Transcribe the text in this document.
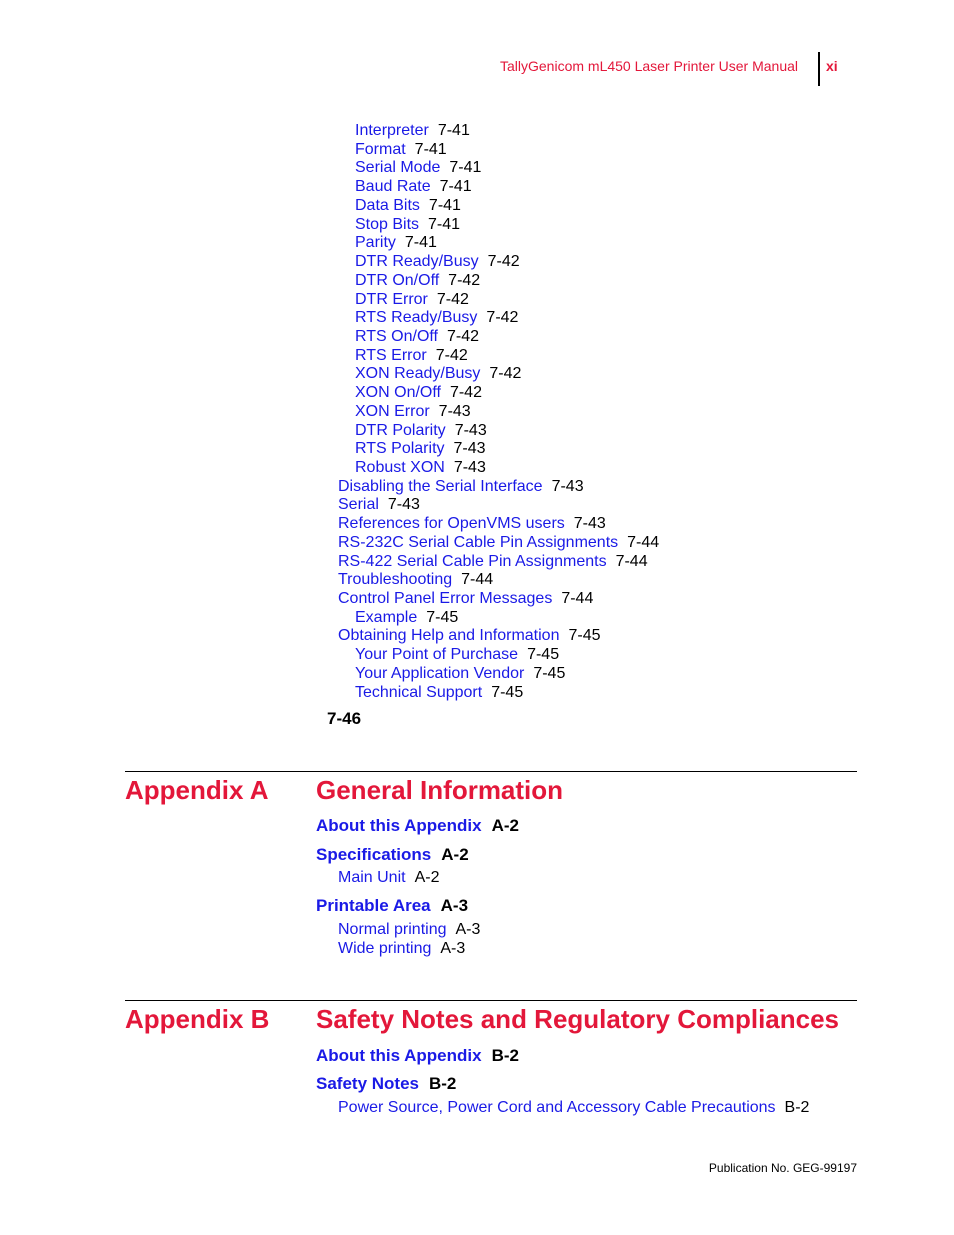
TallyGenicom mL450 Laser Printer User Manual xi
Interpreter 7-41
Format 7-41
Serial Mode 7-41
Baud Rate 7-41
Data Bits 7-41
Stop Bits 7-41
Parity 7-41
DTR Ready/Busy 7-42
DTR On/Off 7-42
DTR Error 7-42
RTS Ready/Busy 7-42
RTS On/Off 7-42
RTS Error 7-42
XON Ready/Busy 7-42
XON On/Off 7-42
XON Error 7-43
DTR Polarity 7-43
RTS Polarity 7-43
Robust XON 7-43
Disabling the Serial Interface 7-43
Serial 7-43
References for OpenVMS users 7-43
RS-232C Serial Cable Pin Assignments 7-44
RS-422 Serial Cable Pin Assignments 7-44
Troubleshooting 7-44
Control Panel Error Messages 7-44
Example 7-45
Obtaining Help and Information 7-45
Your Point of Purchase 7-45
Your Application Vendor 7-45
Technical Support 7-45
7-46
Appendix A General Information
About this Appendix A-2
Specifications A-2
Main Unit A-2
Printable Area A-3
Normal printing A-3
Wide printing A-3
Appendix B Safety Notes and Regulatory Compliances
About this Appendix B-2
Safety Notes B-2
Power Source, Power Cord and Accessory Cable Precautions B-2
Publication No. GEG-99197
